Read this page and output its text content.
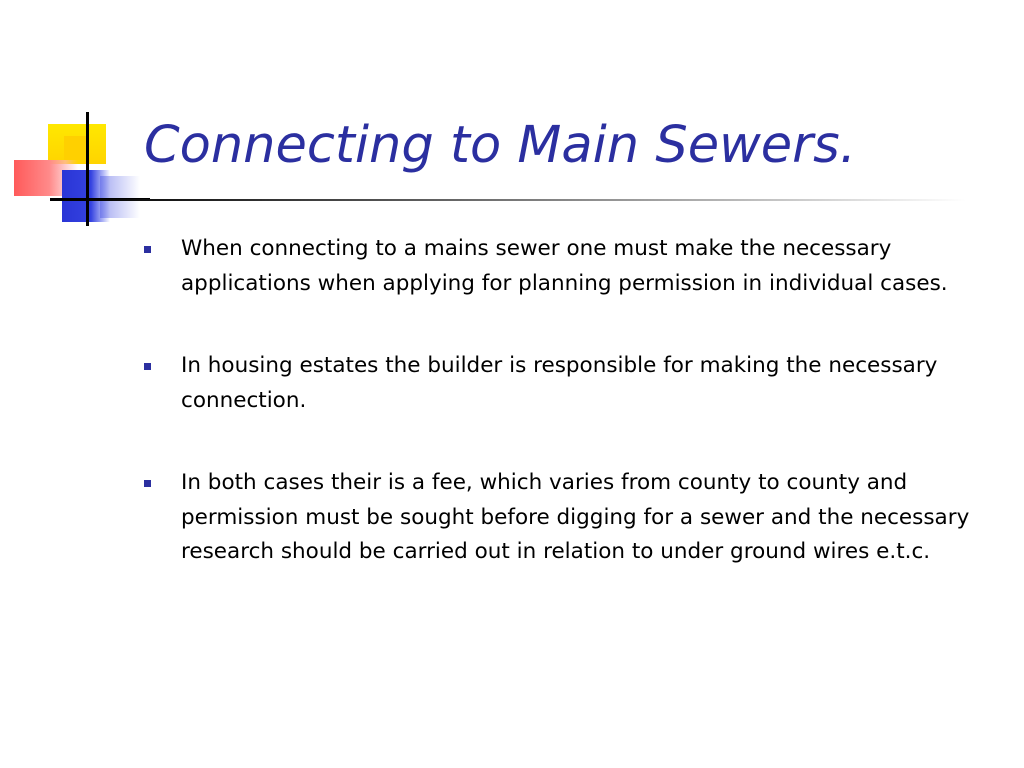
Connecting to Main Sewers.
When connecting to a mains sewer one must make the necessary applications when applying for planning permission in individual cases.
In housing estates the builder is responsible for making the necessary connection.
In both cases their is a fee, which varies from county to county and permission must be sought before digging for a sewer and the necessary research should be carried out in relation to under ground wires e.t.c.
